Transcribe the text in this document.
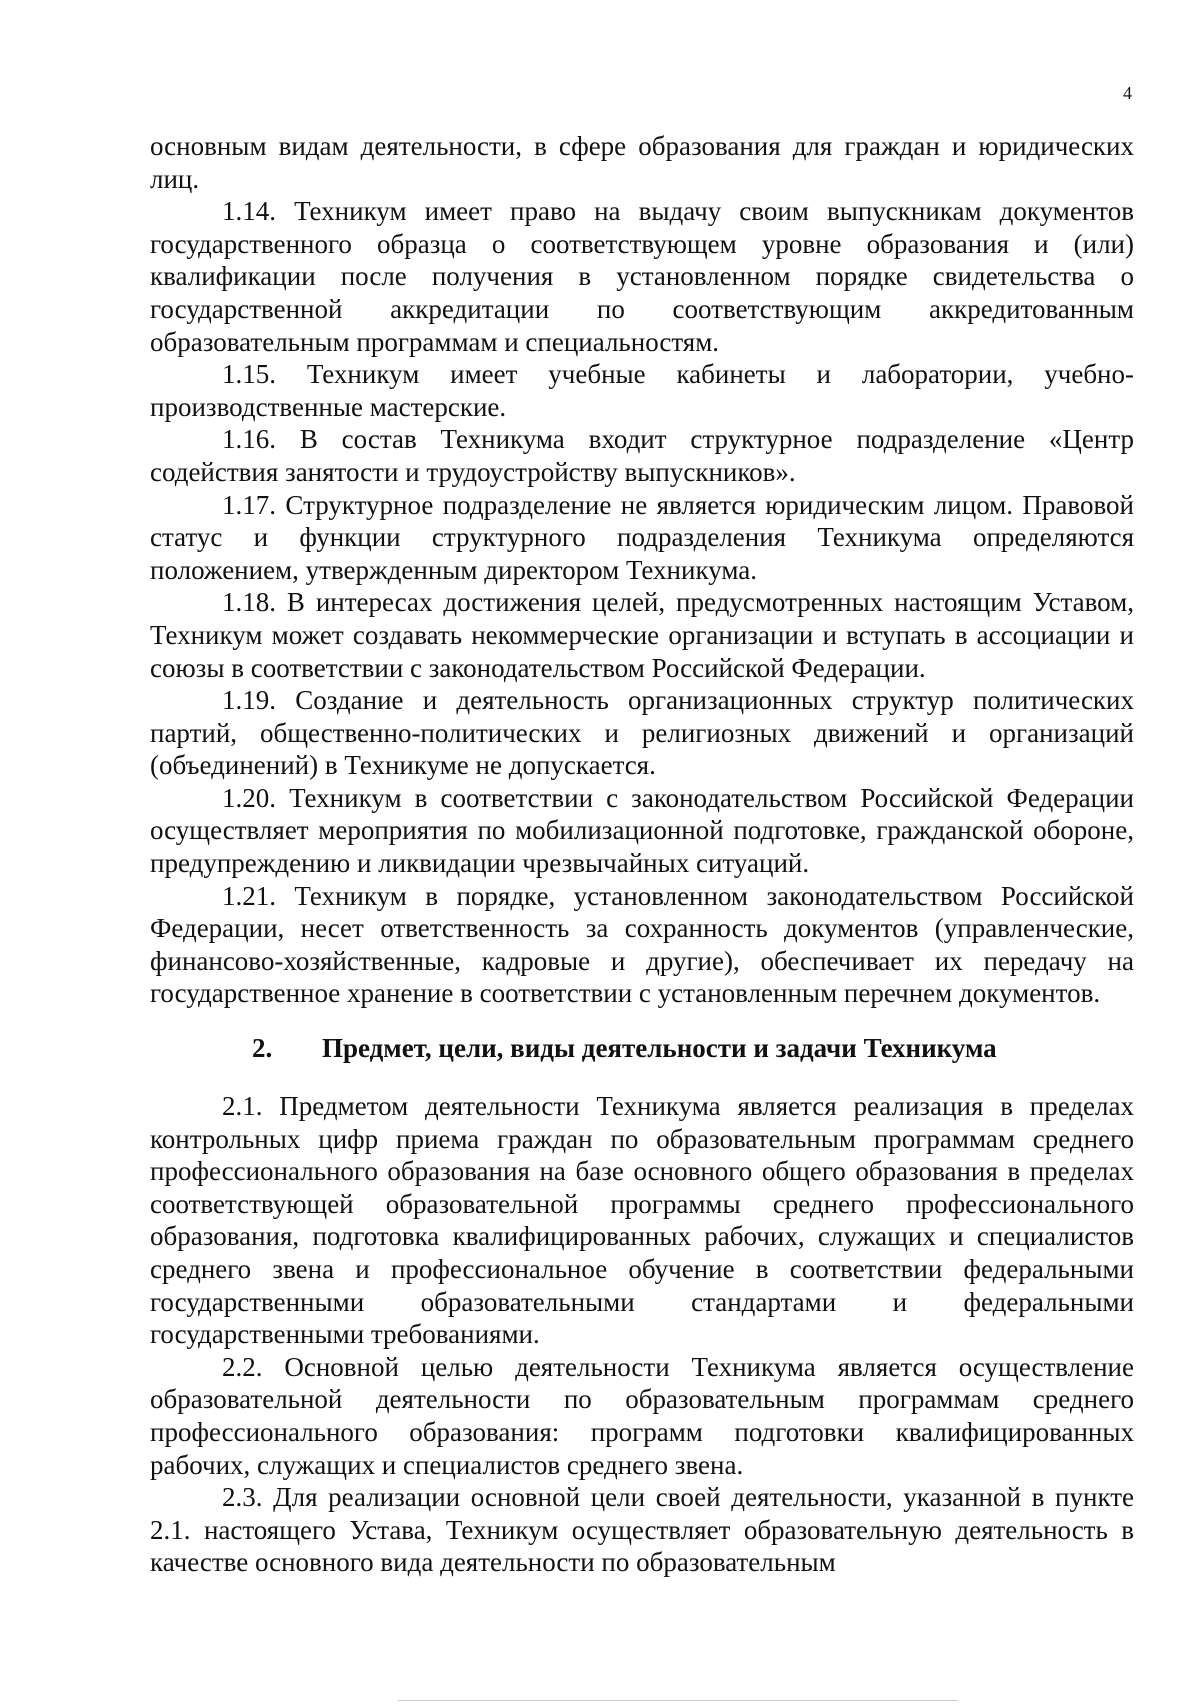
4

основным видам деятельности, в сфере образования для граждан и юридических лиц.

1.14. Техникум имеет право на выдачу своим выпускникам документов государственного образца о соответствующем уровне образования и (или) квалификации после получения в установленном порядке свидетельства о государственной аккредитации по соответствующим аккредитованным образовательным программам и специальностям.

1.15. Техникум имеет учебные кабинеты и лаборатории, учебно-производственные мастерские.

1.16. В состав Техникума входит структурное подразделение «Центр содействия занятости и трудоустройству выпускников».

1.17. Структурное подразделение не является юридическим лицом. Правовой статус и функции структурного подразделения Техникума определяются положением, утвержденным директором Техникума.

1.18. В интересах достижения целей, предусмотренных настоящим Уставом, Техникум может создавать некоммерческие организации и вступать в ассоциации и союзы в соответствии с законодательством Российской Федерации.

1.19. Создание и деятельность организационных структур политических партий, общественно-политических и религиозных движений и организаций (объединений) в Техникуме не допускается.

1.20. Техникум в соответствии с законодательством Российской Федерации осуществляет мероприятия по мобилизационной подготовке, гражданской обороне, предупреждению и ликвидации чрезвычайных ситуаций.

1.21. Техникум в порядке, установленном законодательством Российской Федерации, несет ответственность за сохранность документов (управленческие, финансово-хозяйственные, кадровые и другие), обеспечивает их передачу на государственное хранение в соответствии с установленным перечнем документов.

2. Предмет, цели, виды деятельности и задачи Техникума

2.1. Предметом деятельности Техникума является реализация в пределах контрольных цифр приема граждан по образовательным программам среднего профессионального образования на базе основного общего образования в пределах соответствующей образовательной программы среднего профессионального образования, подготовка квалифицированных рабочих, служащих и специалистов среднего звена и профессиональное обучение в соответствии федеральными государственными образовательными стандартами и федеральными государственными требованиями.

2.2. Основной целью деятельности Техникума является осуществление образовательной деятельности по образовательным программам среднего профессионального образования: программ подготовки квалифицированных рабочих, служащих и специалистов среднего звена.

2.3. Для реализации основной цели своей деятельности, указанной в пункте 2.1. настоящего Устава, Техникум осуществляет образовательную деятельность в качестве основного вида деятельности по образовательным
